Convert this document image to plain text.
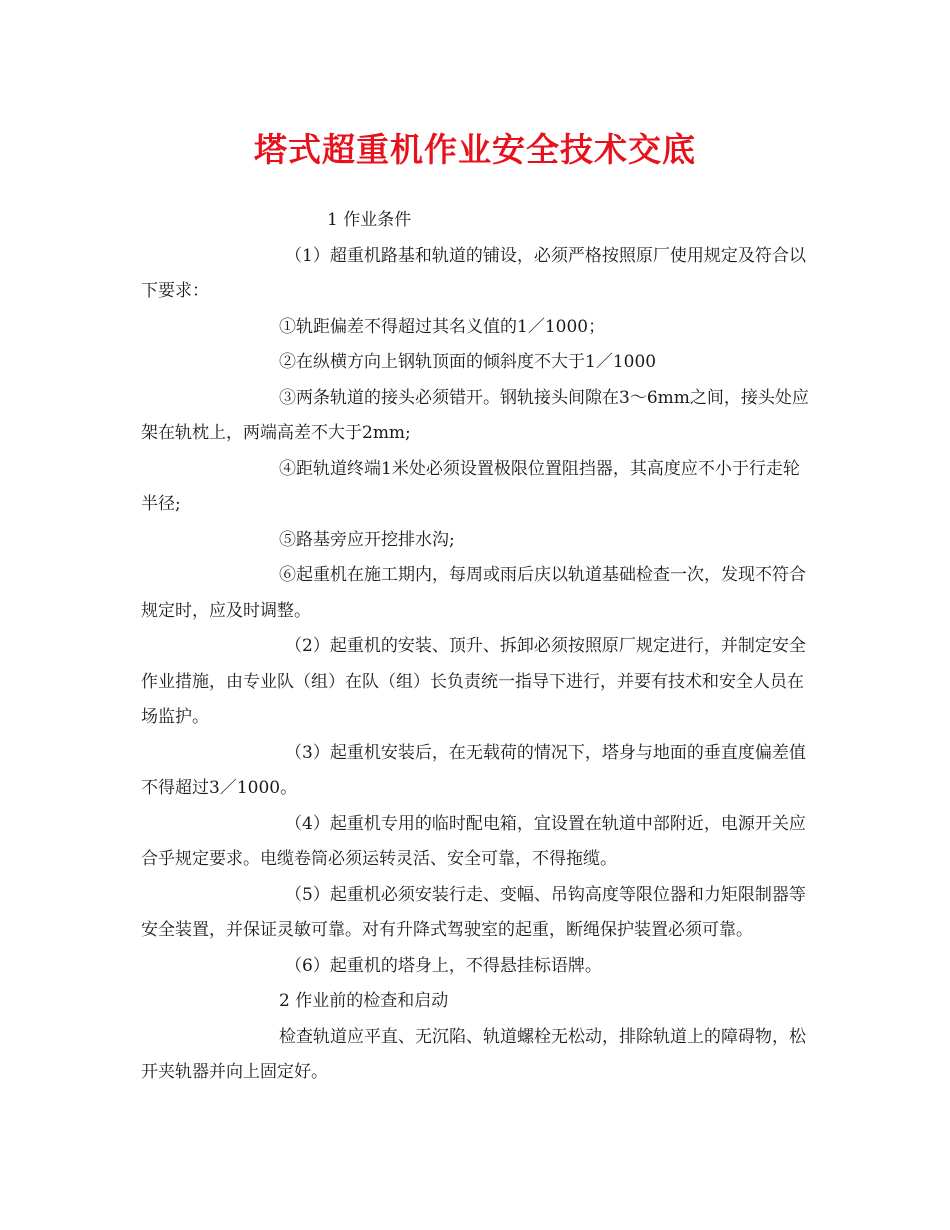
塔式超重机作业安全技术交底

1 作业条件

（1）超重机路基和轨道的铺设，必须严格按照原厂使用规定及符合以下要求：

①轨距偏差不得超过其名义值的1／1000；

②在纵横方向上钢轨顶面的倾斜度不大于1／1000

③两条轨道的接头必须错开。钢轨接头间隙在3～6mm之间，接头处应架在轨枕上，两端高差不大于2mm;

④距轨道终端1米处必须设置极限位置阻挡器，其高度应不小于行走轮半径;

⑤路基旁应开挖排水沟;

⑥起重机在施工期内，每周或雨后庆以轨道基础检查一次，发现不符合规定时，应及时调整。

（2）起重机的安装、顶升、拆卸必须按照原厂规定进行，并制定安全作业措施，由专业队（组）在队（组）长负责统一指导下进行，并要有技术和安全人员在场监护。

（3）起重机安装后，在无载荷的情况下，塔身与地面的垂直度偏差值不得超过3／1000。

（4）起重机专用的临时配电箱，宜设置在轨道中部附近，电源开关应合乎规定要求。电缆卷筒必须运转灵活、安全可靠，不得拖缆。

（5）起重机必须安装行走、变幅、吊钩高度等限位器和力矩限制器等安全装置，并保证灵敏可靠。对有升降式驾驶室的起重，断绳保护装置必须可靠。

（6）起重机的塔身上，不得悬挂标语牌。

2 作业前的检查和启动

检查轨道应平直、无沉陷、轨道螺栓无松动，排除轨道上的障碍物，松开夹轨器并向上固定好。
